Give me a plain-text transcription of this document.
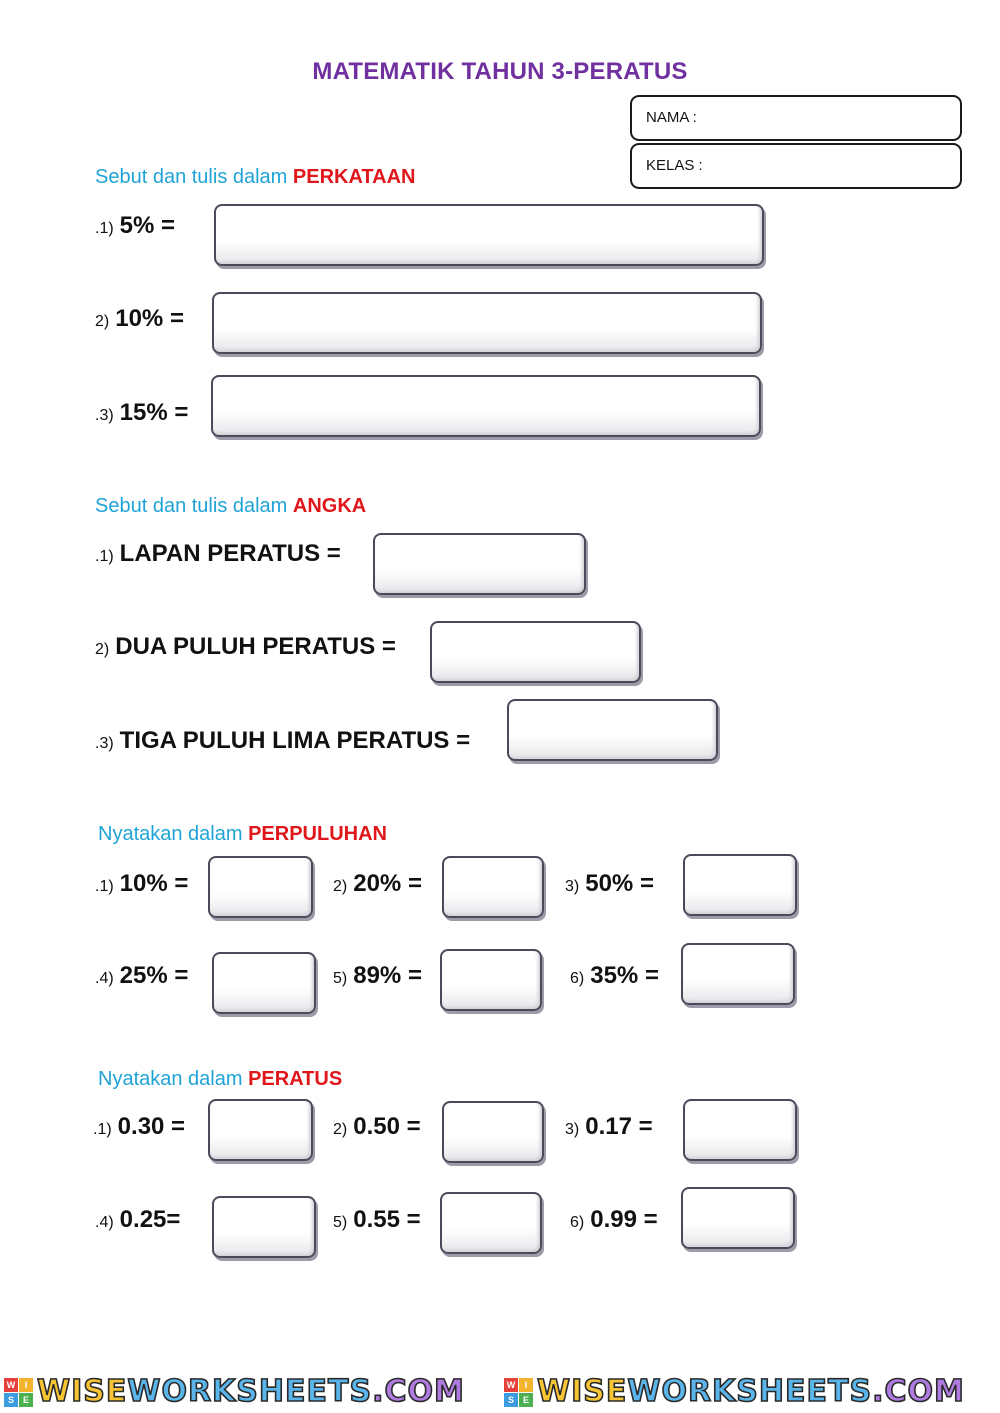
MATEMATIK TAHUN 3-PERATUS
NAMA :
KELAS :
Sebut dan tulis dalam PERKATAAN
.1) 5% =
2) 10% =
.3) 15% =
Sebut dan tulis dalam ANGKA
.1) LAPAN PERATUS =
2) DUA PULUH PERATUS =
.3) TIGA PULUH LIMA PERATUS =
Nyatakan dalam PERPULUHAN
.1) 10% =	2) 20% =	3) 50% =
.4) 25% =	5) 89% =	6) 35% =
Nyatakan dalam PERATUS
.1) 0.30 =	2) 0.50 =	3) 0.17 =
.4) 0.25=	5) 0.55 =	6) 0.99 =
W	I
S E WISEWORKSHEETS.COM	W	I
S E WISEWORKSHEETS.COM
